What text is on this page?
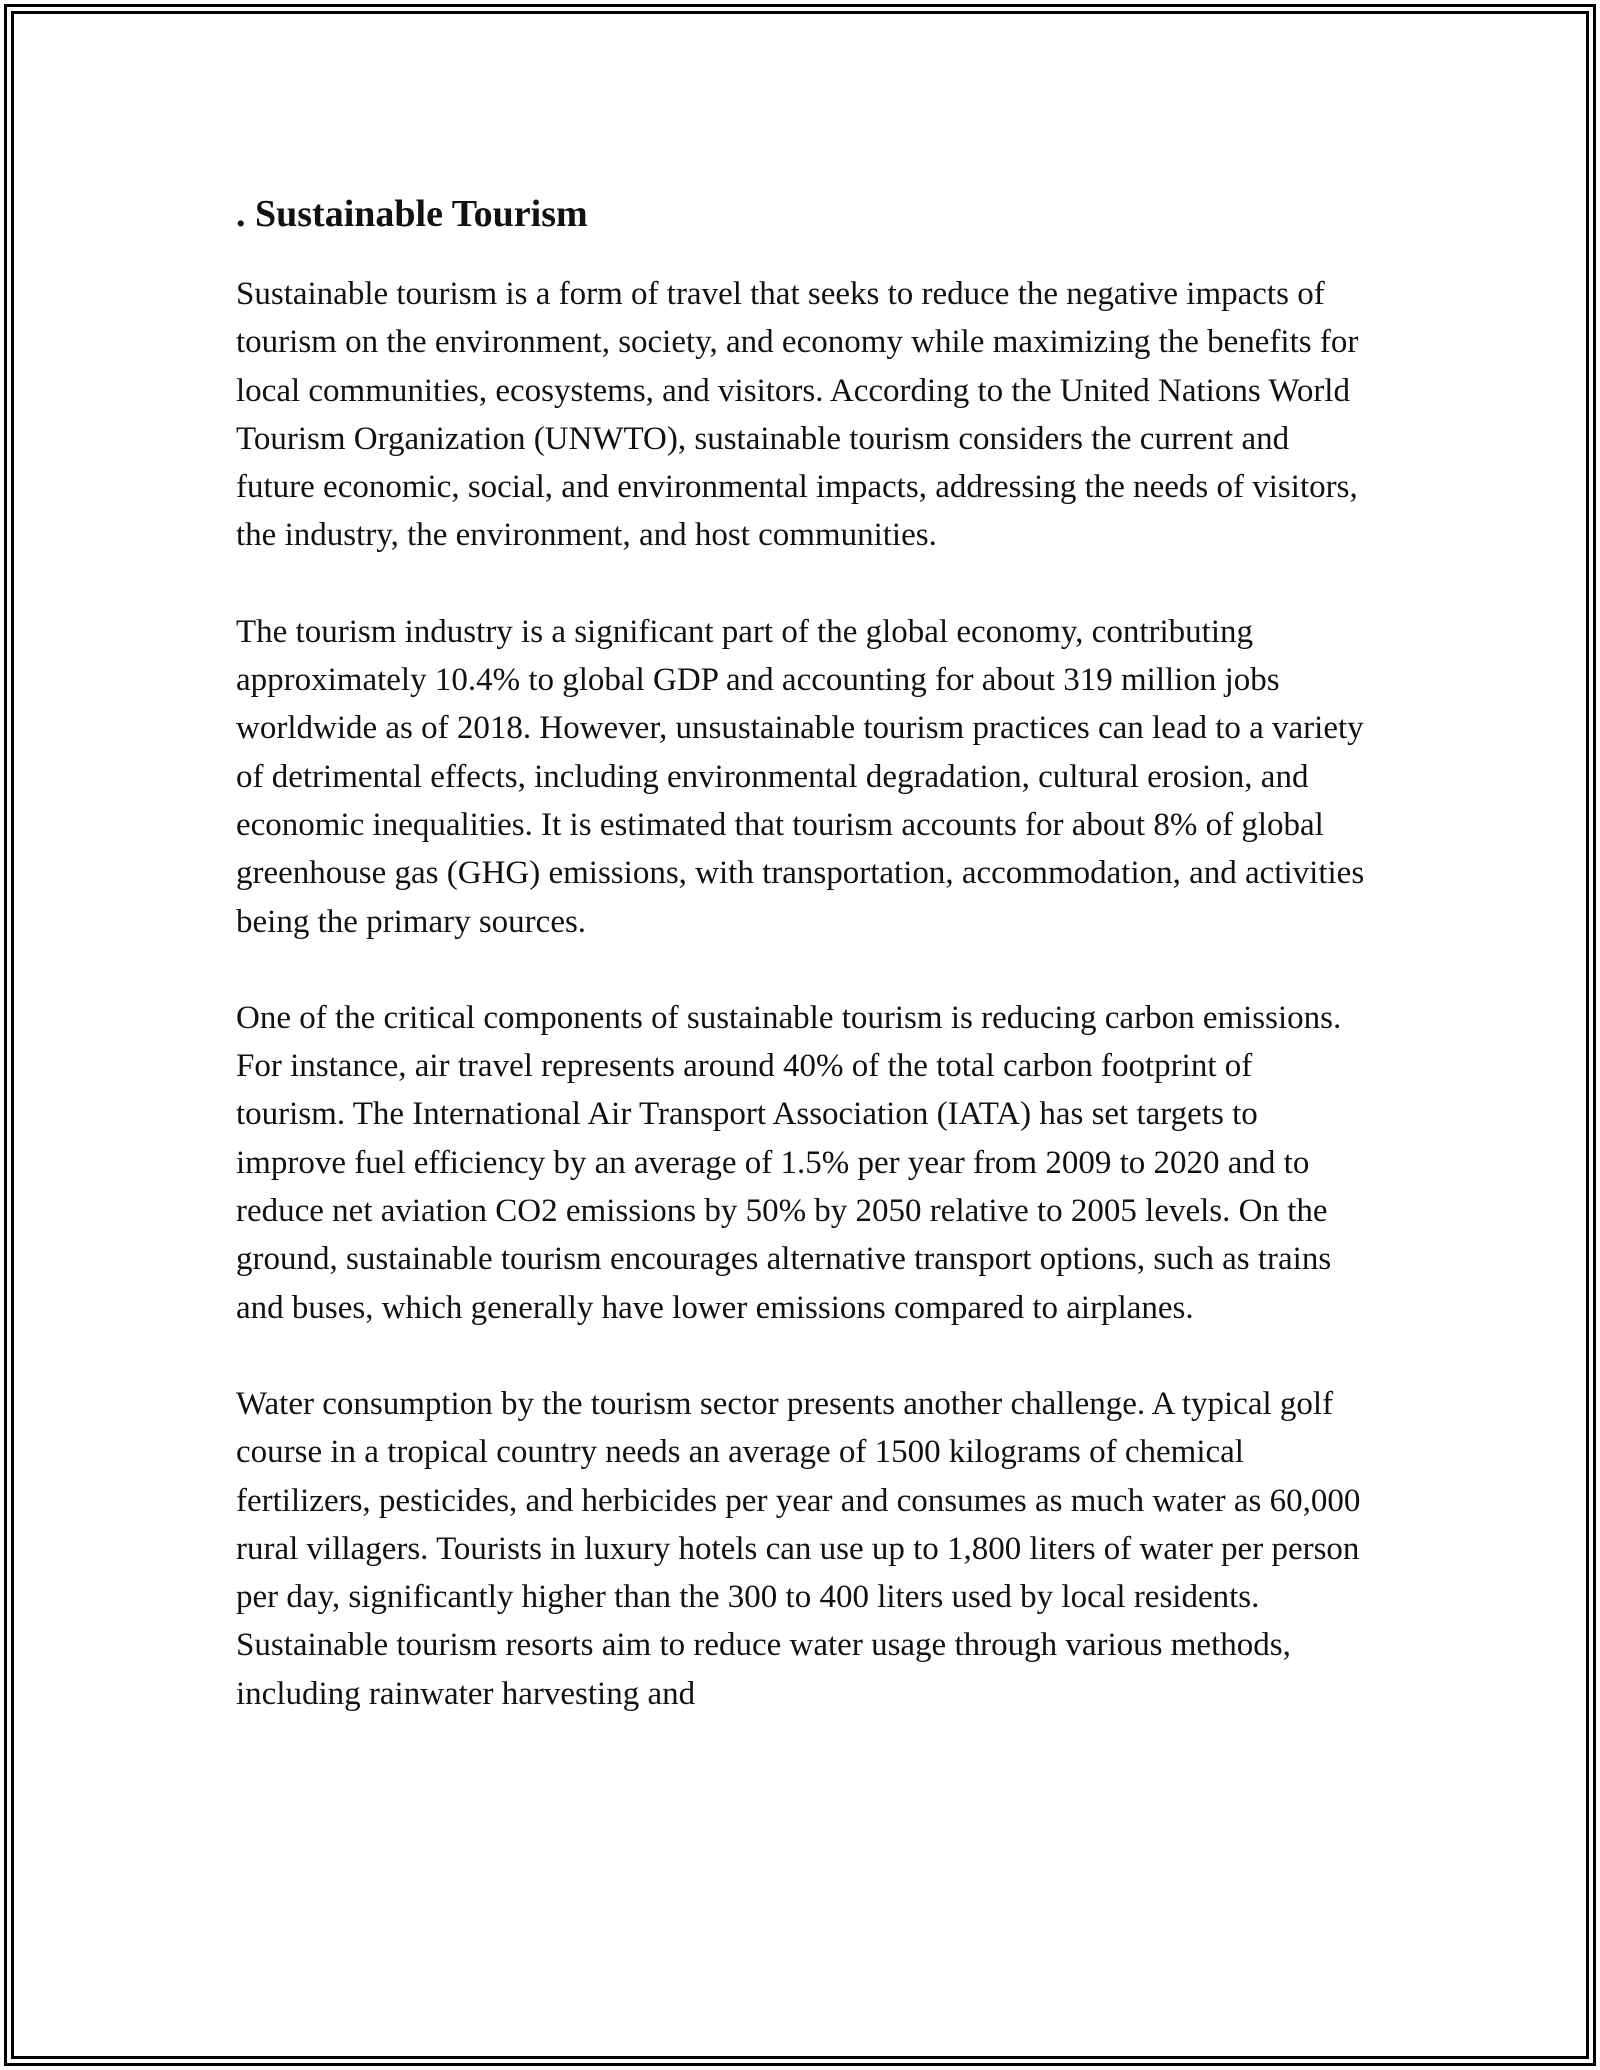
. Sustainable Tourism

Sustainable tourism is a form of travel that seeks to reduce the negative impacts of tourism on the environment, society, and economy while maximizing the benefits for local communities, ecosystems, and visitors. According to the United Nations World Tourism Organization (UNWTO), sustainable tourism considers the current and future economic, social, and environmental impacts, addressing the needs of visitors, the industry, the environment, and host communities.

The tourism industry is a significant part of the global economy, contributing approximately 10.4% to global GDP and accounting for about 319 million jobs worldwide as of 2018. However, unsustainable tourism practices can lead to a variety of detrimental effects, including environmental degradation, cultural erosion, and economic inequalities. It is estimated that tourism accounts for about 8% of global greenhouse gas (GHG) emissions, with transportation, accommodation, and activities being the primary sources.

One of the critical components of sustainable tourism is reducing carbon emissions. For instance, air travel represents around 40% of the total carbon footprint of tourism. The International Air Transport Association (IATA) has set targets to improve fuel efficiency by an average of 1.5% per year from 2009 to 2020 and to reduce net aviation CO2 emissions by 50% by 2050 relative to 2005 levels. On the ground, sustainable tourism encourages alternative transport options, such as trains and buses, which generally have lower emissions compared to airplanes.

Water consumption by the tourism sector presents another challenge. A typical golf course in a tropical country needs an average of 1500 kilograms of chemical fertilizers, pesticides, and herbicides per year and consumes as much water as 60,000 rural villagers. Tourists in luxury hotels can use up to 1,800 liters of water per person per day, significantly higher than the 300 to 400 liters used by local residents. Sustainable tourism resorts aim to reduce water usage through various methods, including rainwater harvesting and
